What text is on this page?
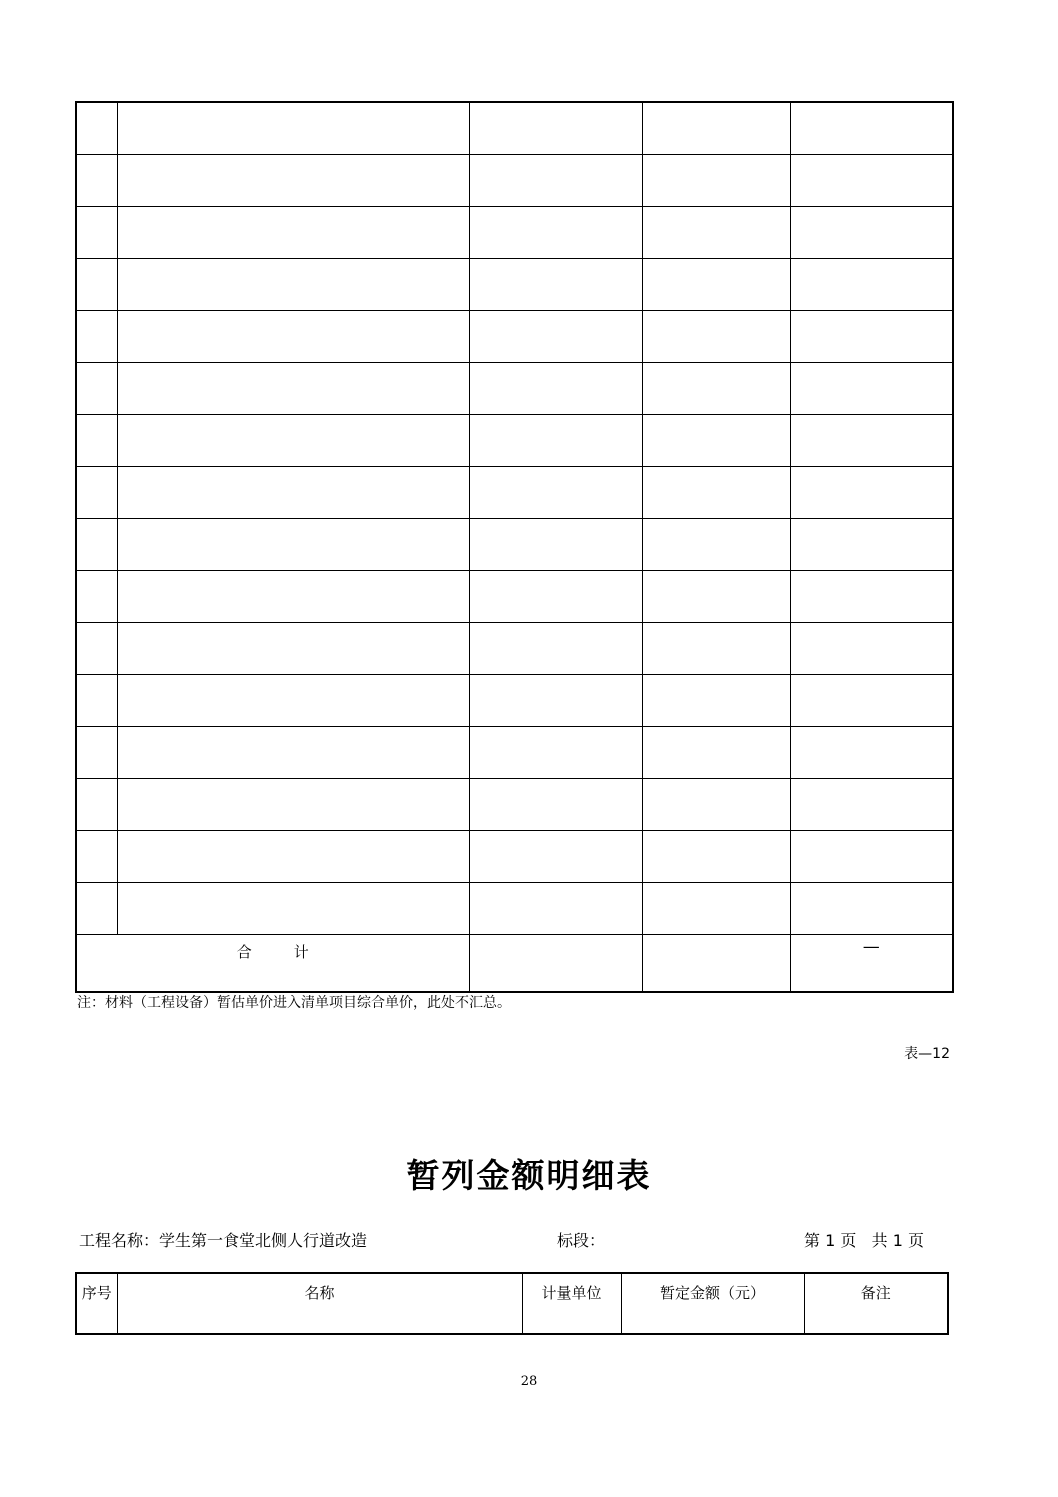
合 计				—
注：材料（工程设备）暂估单价进入清单项目综合单价，此处不汇总。
表—12
暂列金额明细表
工程名称：学生第一食堂北侧人行道改造	标段：	第 1 页 共 1 页
序号	名称	计量单位	暂定金额（元）	备注
28
